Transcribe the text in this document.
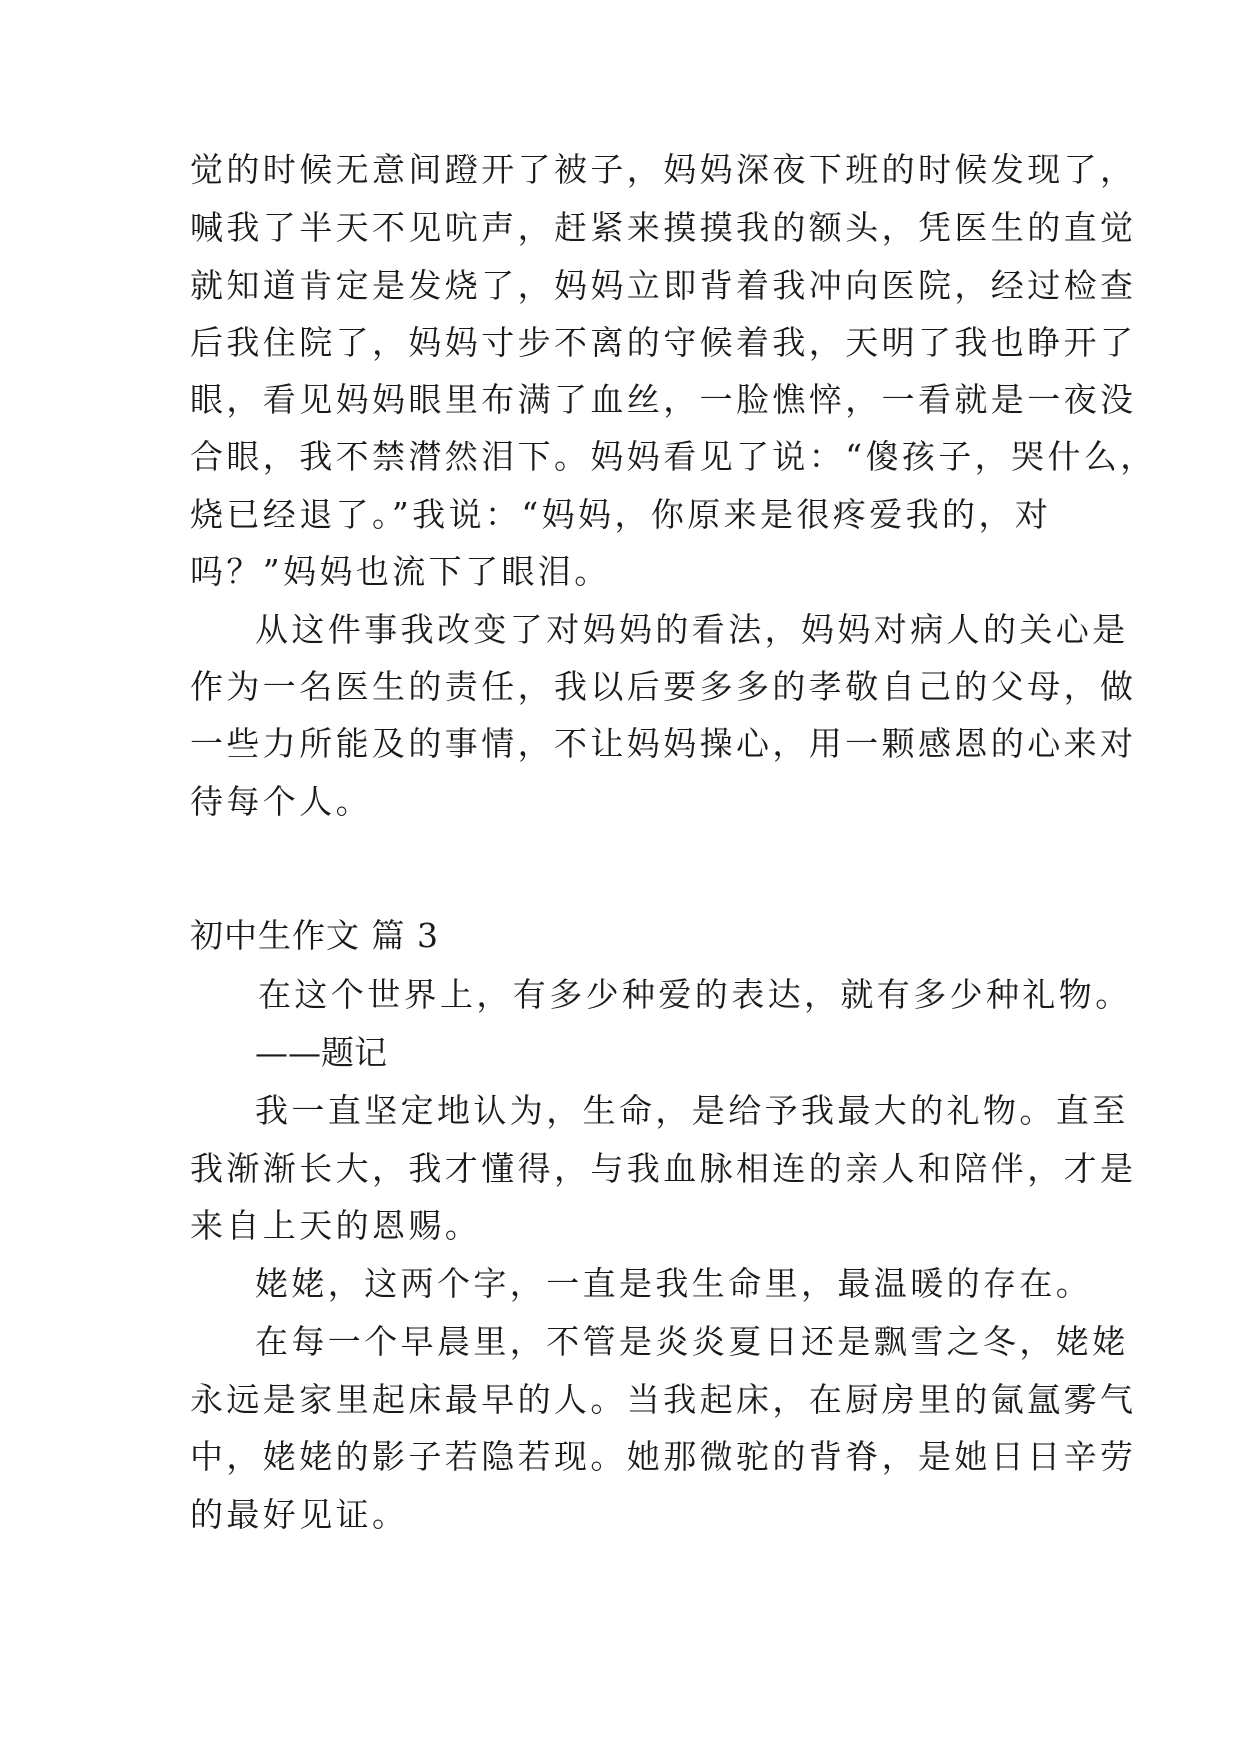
觉的时候无意间蹬开了被子，妈妈深夜下班的时候发现了，
喊我了半天不见吭声，赶紧来摸摸我的额头，凭医生的直觉
就知道肯定是发烧了，妈妈立即背着我冲向医院，经过检查
后我住院了，妈妈寸步不离的守候着我，天明了我也睁开了
眼，看见妈妈眼里布满了血丝，一脸憔悴，一看就是一夜没
合眼，我不禁潸然泪下。妈妈看见了说：“傻孩子，哭什么，
烧已经退了。”我说：“妈妈，你原来是很疼爱我的，对
吗？”妈妈也流下了眼泪。
从这件事我改变了对妈妈的看法，妈妈对病人的关心是
作为一名医生的责任，我以后要多多的孝敬自己的父母，做
一些力所能及的事情，不让妈妈操心，用一颗感恩的心来对
待每个人。
初中生作文 篇 3
在这个世界上，有多少种爱的表达，就有多少种礼物。
——题记
我一直坚定地认为，生命，是给予我最大的礼物。直至
我渐渐长大，我才懂得，与我血脉相连的亲人和陪伴，才是
来自上天的恩赐。
姥姥，这两个字，一直是我生命里，最温暖的存在。
在每一个早晨里，不管是炎炎夏日还是飘雪之冬，姥姥
永远是家里起床最早的人。当我起床，在厨房里的氤氲雾气
中，姥姥的影子若隐若现。她那微驼的背脊，是她日日辛劳
的最好见证。
